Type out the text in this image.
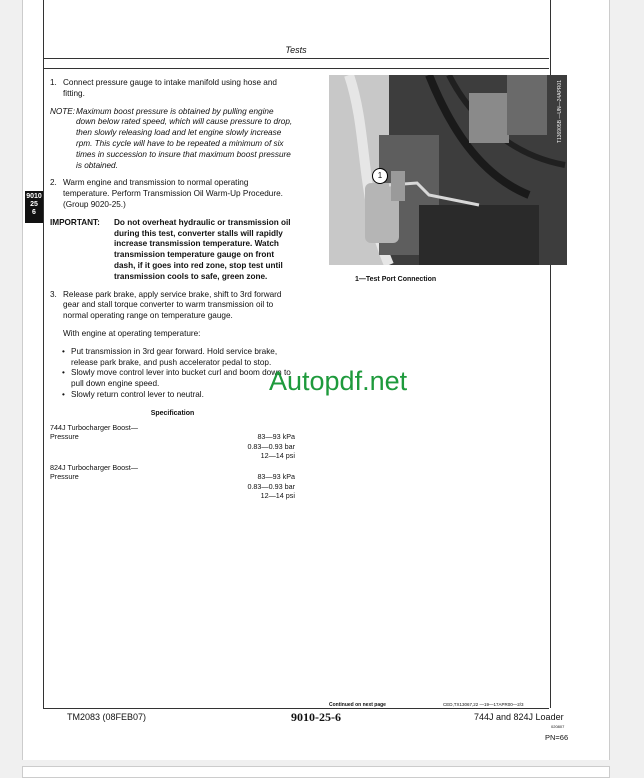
Tests
9010
25
6

1. Connect pressure gauge to intake manifold using hose and fitting.

NOTE: Maximum boost pressure is obtained by pulling engine down below rated speed, which will cause pressure to drop, then slowly releasing load and let engine slowly increase rpm. This cycle will have to be repeated a minimum of six times in succession to insure that maximum boost pressure is obtained.

2. Warm engine and transmission to normal operating temperature. Perform Transmission Oil Warm-Up Procedure. (Group 9020-25.)

IMPORTANT:	Do not overheat hydraulic or transmission oil during this test, converter stalls will rapidly increase transmission temperature. Watch transmission temperature gauge on front dash, if it goes into red zone, stop test until transmission cools to safe, green zone.

3. Release park brake, apply service brake, shift to 3rd forward gear and stall torque converter to warm transmission oil to normal operating range on temperature gauge.

With engine at operating temperature:

• Put transmission in 3rd gear forward. Hold service brake, release park brake, and push accelerator pedal to stop.
• Slowly move control lever into bucket curl and boom down to pull down engine speed.
• Slowly return control lever to neutral.
Specification
744J Turbocharger Boost—
Pressure	83—93 kPa
0.83—0.93 bar
12—14 psi
824J Turbocharger Boost—
Pressure	83—93 kPa
0.83—0.93 bar
12—14 psi
1
T136905B —UN—24APR01
1—Test Port Connection
Autopdf.net
Continued on next page	CED,TX13067,22 —19—17APR00—2/3
TM2083 (08FEB07)	9010-25-6	744J and 824J Loader
020807
PN=66
